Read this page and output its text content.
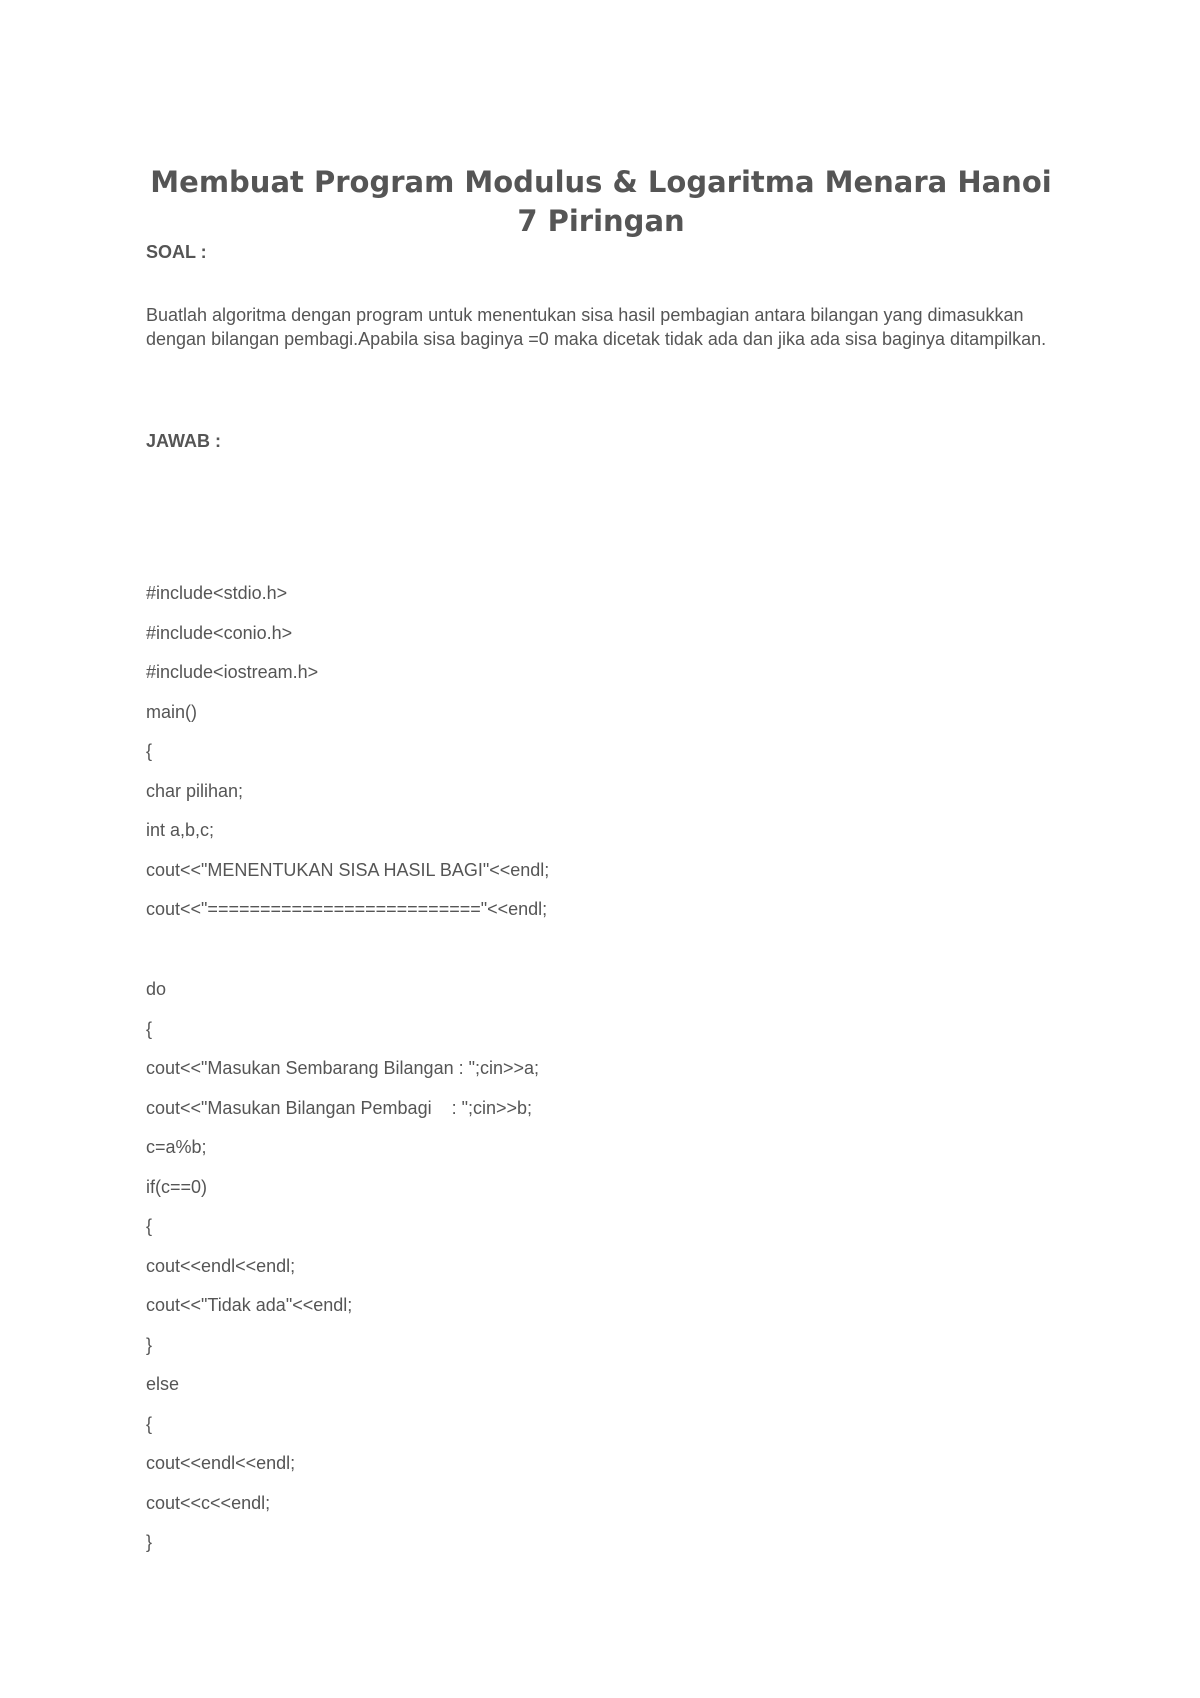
Membuat Program Modulus & Logaritma Menara Hanoi 7 Piringan
SOAL :

Buatlah algoritma dengan program untuk menentukan sisa hasil pembagian antara bilangan yang dimasukkan dengan bilangan pembagi.Apabila sisa baginya =0 maka dicetak tidak ada dan jika ada sisa baginya ditampilkan.

JAWAB :
#include<stdio.h>
#include<conio.h>
#include<iostream.h>
main()
{
char pilihan;
int a,b,c;
cout<<"MENENTUKAN SISA HASIL BAGI"<<endl;
cout<<"=========================="<<endl;
do
{
cout<<"Masukan Sembarang Bilangan : ";cin>>a;
cout<<"Masukan Bilangan Pembagi    : ";cin>>b;
c=a%b;
if(c==0)
{
cout<<endl<<endl;
cout<<"Tidak ada"<<endl;
}
else
{
cout<<endl<<endl;
cout<<c<<endl;
}
